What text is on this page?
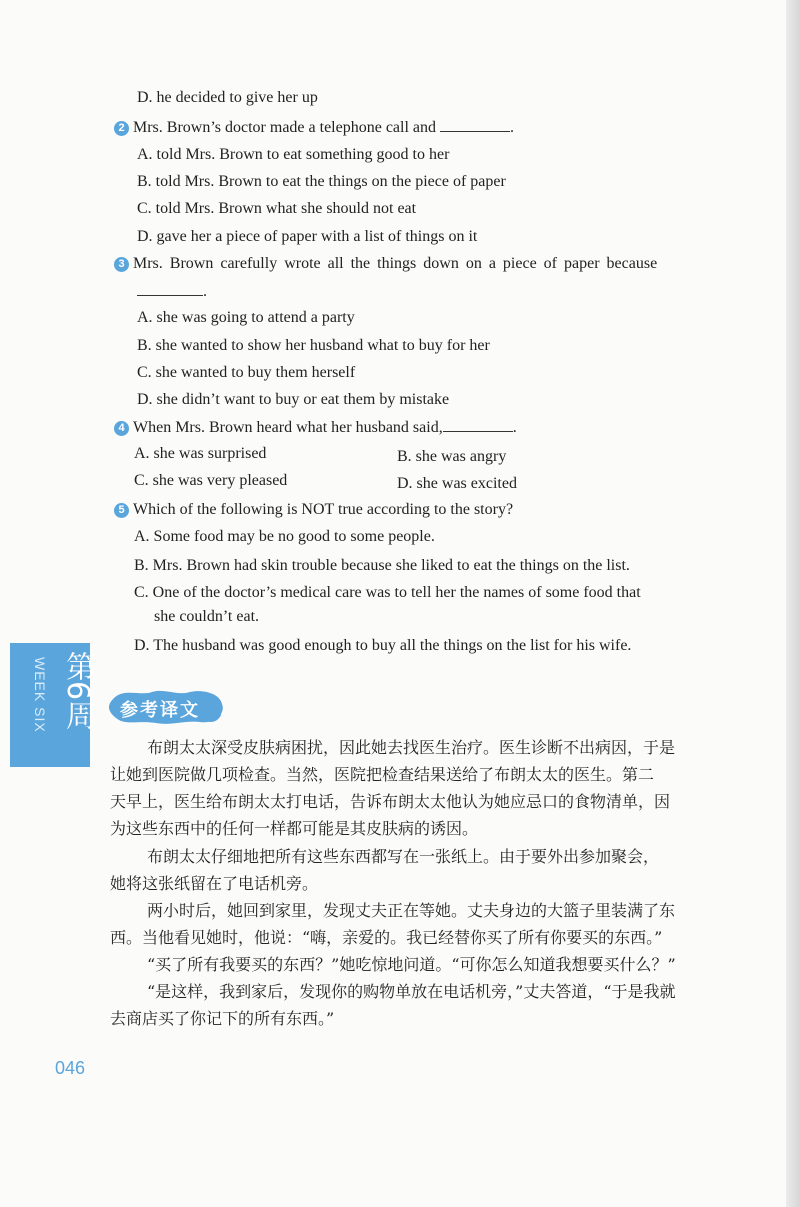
D. he decided to give her up
2 Mrs. Brown’s doctor made a telephone call and	.
A. told Mrs. Brown to eat something good to her
B. told Mrs. Brown to eat the things on the piece of paper
C. told Mrs. Brown what she should not eat
D. gave her a piece of paper with a list of things on it
3 Mrs. Brown carefully wrote all the things down on a piece of paper because
.
A. she was going to attend a party
B. she wanted to show her husband what to buy for her
C. she wanted to buy them herself
D. she didn’t want to buy or eat them by mistake
4 When Mrs. Brown heard what her husband said,	.
A. she was surprised	B. she was angry
C. she was very pleased	D. she was excited
5 Which of the following is NOT true according to the story?
A. Some food may be no good to some people.
B. Mrs. Brown had skin trouble because she liked to eat the things on the list.
C. One of the doctor’s medical care was to tell her the names of some food that
she couldn’t eat.
D. The husband was good enough to buy all the things on the list for his wife.
第6周
WEEK SIX	参考译文
布朗太太深受皮肤病困扰，因此她去找医生治疗。医生诊断不出病因，于是
让她到医院做几项检查。当然，医院把检查结果送给了布朗太太的医生。第二
天早上，医生给布朗太太打电话，告诉布朗太太他认为她应忌口的食物清单，因
为这些东西中的任何一样都可能是其皮肤病的诱因。
布朗太太仔细地把所有这些东西都写在一张纸上。由于要外出参加聚会，
她将这张纸留在了电话机旁。
两小时后，她回到家里，发现丈夫正在等她。丈夫身边的大篮子里装满了东
西。当他看见她时，他说：“嗨，亲爱的。我已经替你买了所有你要买的东西。”
“买了所有我要买的东西？”她吃惊地问道。“可你怎么知道我想要买什么？”
“是这样，我到家后，发现你的购物单放在电话机旁，”丈夫答道，“于是我就
去商店买了你记下的所有东西。”
046
